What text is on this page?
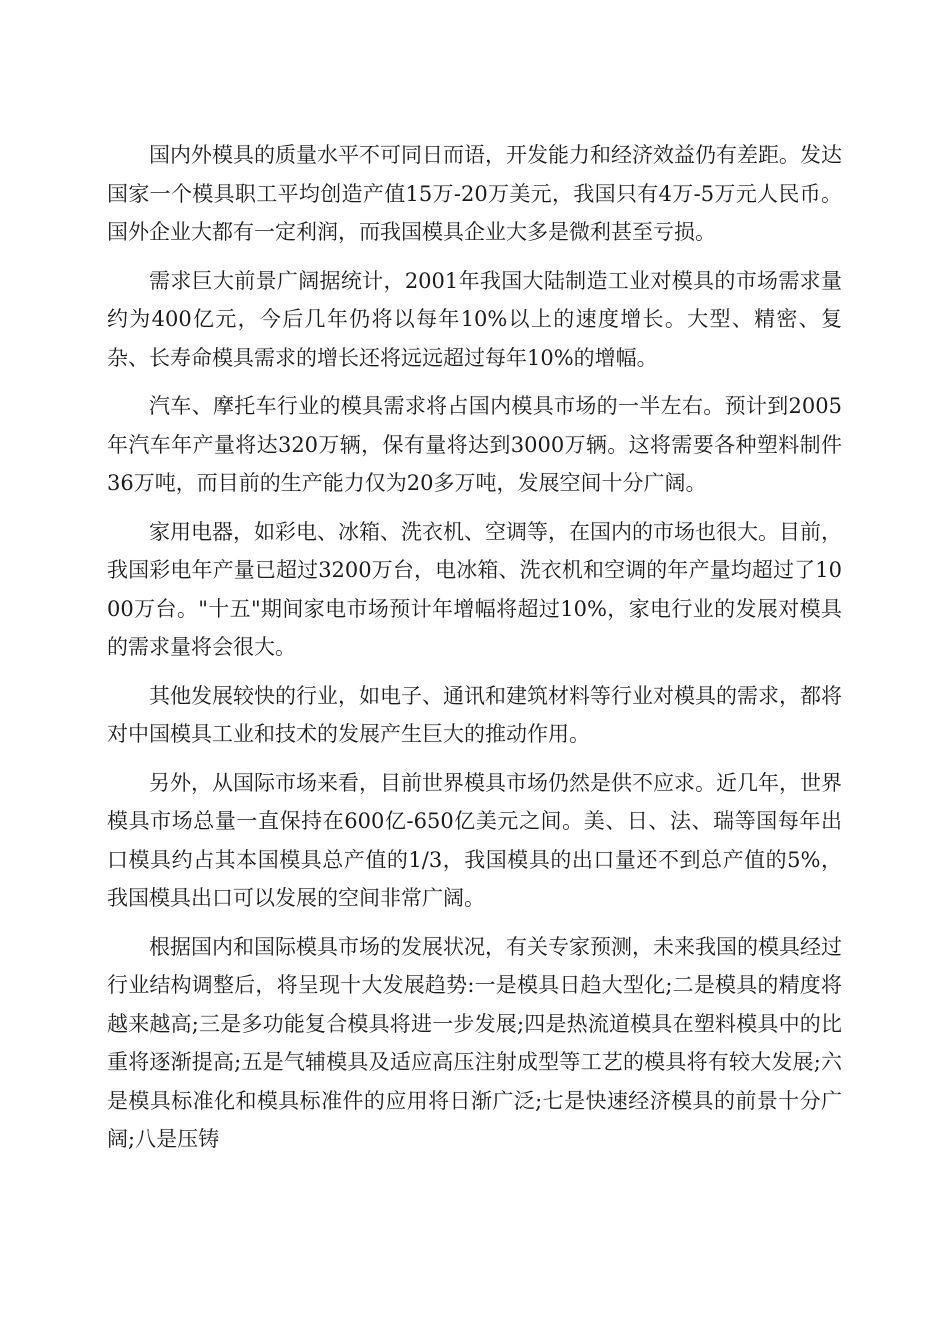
国内外模具的质量水平不可同日而语，开发能力和经济效益仍有差距。发达国家一个模具职工平均创造产值15万-20万美元，我国只有4万-5万元人民币。国外企业大都有一定利润，而我国模具企业大多是微利甚至亏损。

需求巨大前景广阔据统计，2001年我国大陆制造工业对模具的市场需求量约为400亿元，今后几年仍将以每年10%以上的速度增长。大型、精密、复杂、长寿命模具需求的增长还将远远超过每年10%的增幅。

汽车、摩托车行业的模具需求将占国内模具市场的一半左右。预计到2005年汽车年产量将达320万辆，保有量将达到3000万辆。这将需要各种塑料制件36万吨，而目前的生产能力仅为20多万吨，发展空间十分广阔。

家用电器，如彩电、冰箱、洗衣机、空调等，在国内的市场也很大。目前，我国彩电年产量已超过3200万台，电冰箱、洗衣机和空调的年产量均超过了1000万台。"十五"期间家电市场预计年增幅将超过10%，家电行业的发展对模具的需求量将会很大。

其他发展较快的行业，如电子、通讯和建筑材料等行业对模具的需求，都将对中国模具工业和技术的发展产生巨大的推动作用。

另外，从国际市场来看，目前世界模具市场仍然是供不应求。近几年，世界模具市场总量一直保持在600亿-650亿美元之间。美、日、法、瑞等国每年出口模具约占其本国模具总产值的1/3，我国模具的出口量还不到总产值的5%，我国模具出口可以发展的空间非常广阔。

根据国内和国际模具市场的发展状况，有关专家预测，未来我国的模具经过行业结构调整后，将呈现十大发展趋势:一是模具日趋大型化;二是模具的精度将越来越高;三是多功能复合模具将进一步发展;四是热流道模具在塑料模具中的比重将逐渐提高;五是气辅模具及适应高压注射成型等工艺的模具将有较大发展;六是模具标准化和模具标准件的应用将日渐广泛;七是快速经济模具的前景十分广阔;八是压铸
